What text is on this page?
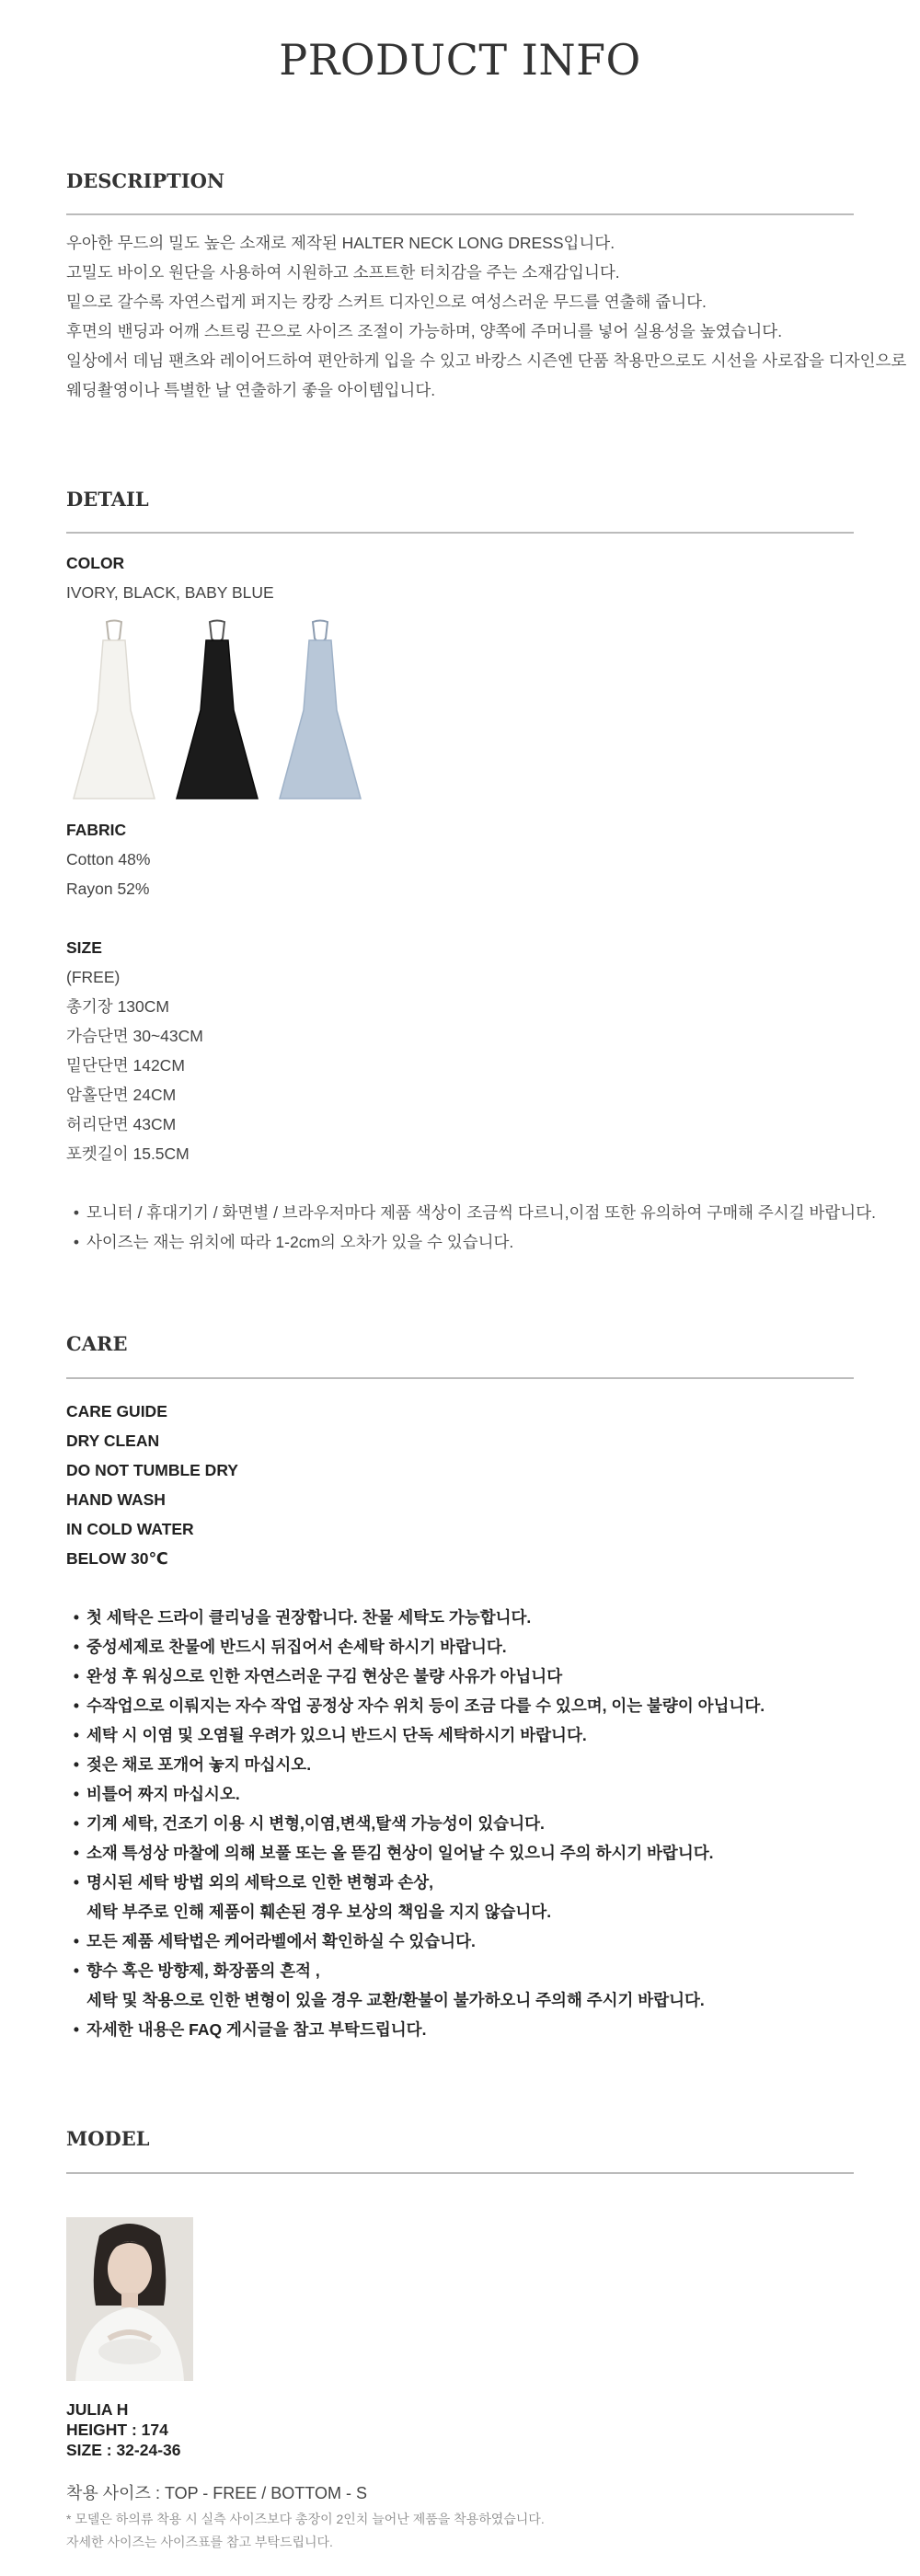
PRODUCT INFO
DESCRIPTION
우아한 무드의 밀도 높은 소재로 제작된 HALTER NECK LONG DRESS입니다.
고밀도 바이오 원단을 사용하여 시원하고 소프트한 터치감을 주는 소재감입니다.
밑으로 갈수록 자연스럽게 퍼지는 캉캉 스커트 디자인으로 여성스러운 무드를 연출해 줍니다.
후면의 밴딩과 어깨 스트링 끈으로 사이즈 조절이 가능하며, 양쪽에 주머니를 넣어 실용성을 높였습니다.
일상에서 데님 팬츠와 레이어드하여 편안하게 입을 수 있고 바캉스 시즌엔 단품 착용만으로도 시선을 사로잡을 디자인으로
웨딩촬영이나 특별한 날 연출하기 좋을 아이템입니다.
DETAIL
COLOR
IVORY, BLACK, BABY BLUE
FABRIC
Cotton 48%
Rayon 52%
SIZE
(FREE)
총기장 130CM
가슴단면 30~43CM
밑단단면 142CM
암홀단면 24CM
허리단면 43CM
포켓길이 15.5CM
• 모니터 / 휴대기기 / 화면별 / 브라우저마다 제품 색상이 조금씩 다르니,이점 또한 유의하여 구매해 주시길 바랍니다.
• 사이즈는 재는 위치에 따라 1-2cm의 오차가 있을 수 있습니다.
CARE
CARE GUIDE
DRY CLEAN
DO NOT TUMBLE DRY
HAND WASH
IN COLD WATER
BELOW 30℃
• 첫 세탁은 드라이 클리닝을 권장합니다. 찬물 세탁도 가능합니다.
• 중성세제로 찬물에 반드시 뒤집어서 손세탁 하시기 바랍니다.
• 완성 후 워싱으로 인한 자연스러운 구김 현상은 불량 사유가 아닙니다
• 수작업으로 이뤄지는 자수 작업 공정상 자수 위치 등이 조금 다를 수 있으며, 이는 불량이 아닙니다.
• 세탁 시 이염 및 오염될 우려가 있으니 반드시 단독 세탁하시기 바랍니다.
• 젖은 채로 포개어 놓지 마십시오.
• 비틀어 짜지 마십시오.
• 기계 세탁, 건조기 이용 시 변형,이염,변색,탈색 가능성이 있습니다.
• 소재 특성상 마찰에 의해 보풀 또는 올 뜯김 현상이 일어날 수 있으니 주의 하시기 바랍니다.
• 명시된 세탁 방법 외의 세탁으로 인한 변형과 손상,
세탁 부주로 인해 제품이 훼손된 경우 보상의 책임을 지지 않습니다.
• 모든 제품 세탁법은 케어라벨에서 확인하실 수 있습니다.
• 향수 혹은 방향제, 화장품의 흔적 ,
세탁 및 착용으로 인한 변형이 있을 경우 교환/환불이 불가하오니 주의해 주시기 바랍니다.
• 자세한 내용은 FAQ 게시글을 참고 부탁드립니다.
MODEL
JULIA H
HEIGHT : 174
SIZE : 32-24-36
착용 사이즈 : TOP - FREE / BOTTOM - S
* 모델은 하의류 착용 시 실측 사이즈보다 총장이 2인치 늘어난 제품을 착용하였습니다.
자세한 사이즈는 사이즈표를 참고 부탁드립니다.
